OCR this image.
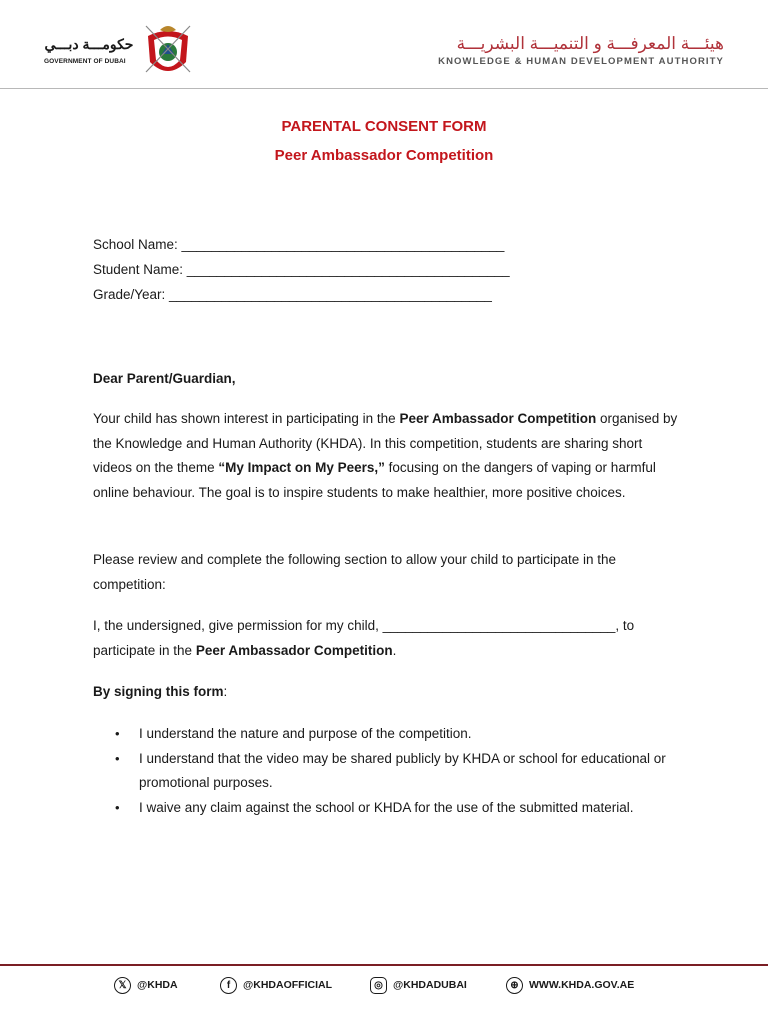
حكومـــة دبـــي
GOVERNMENT OF DUBAI
هيئـــة المعرفـــة و التنميـــة البشريـــة
KNOWLEDGE & HUMAN DEVELOPMENT AUTHORITY
PARENTAL CONSENT FORM
Peer Ambassador Competition
School Name: ___________________________________________
Student Name: ___________________________________________
Grade/Year: ___________________________________________
Dear Parent/Guardian,
Your child has shown interest in participating in the Peer Ambassador Competition organised by the Knowledge and Human Authority (KHDA). In this competition, students are sharing short videos on the theme “My Impact on My Peers,” focusing on the dangers of vaping or harmful online behaviour. The goal is to inspire students to make healthier, more positive choices.
Please review and complete the following section to allow your child to participate in the competition:
I, the undersigned, give permission for my child, _______________________________, to participate in the Peer Ambassador Competition.
By signing this form:
• I understand the nature and purpose of the competition.
• I understand that the video may be shared publicly by KHDA or school for educational or promotional purposes.
• I waive any claim against the school or KHDA for the use of the submitted material.
𝕏 @KHDA	f	@KHDAOFFICIAL	◎ @KHDADUBAI	⊕ WWW.KHDA.GOV.AE
